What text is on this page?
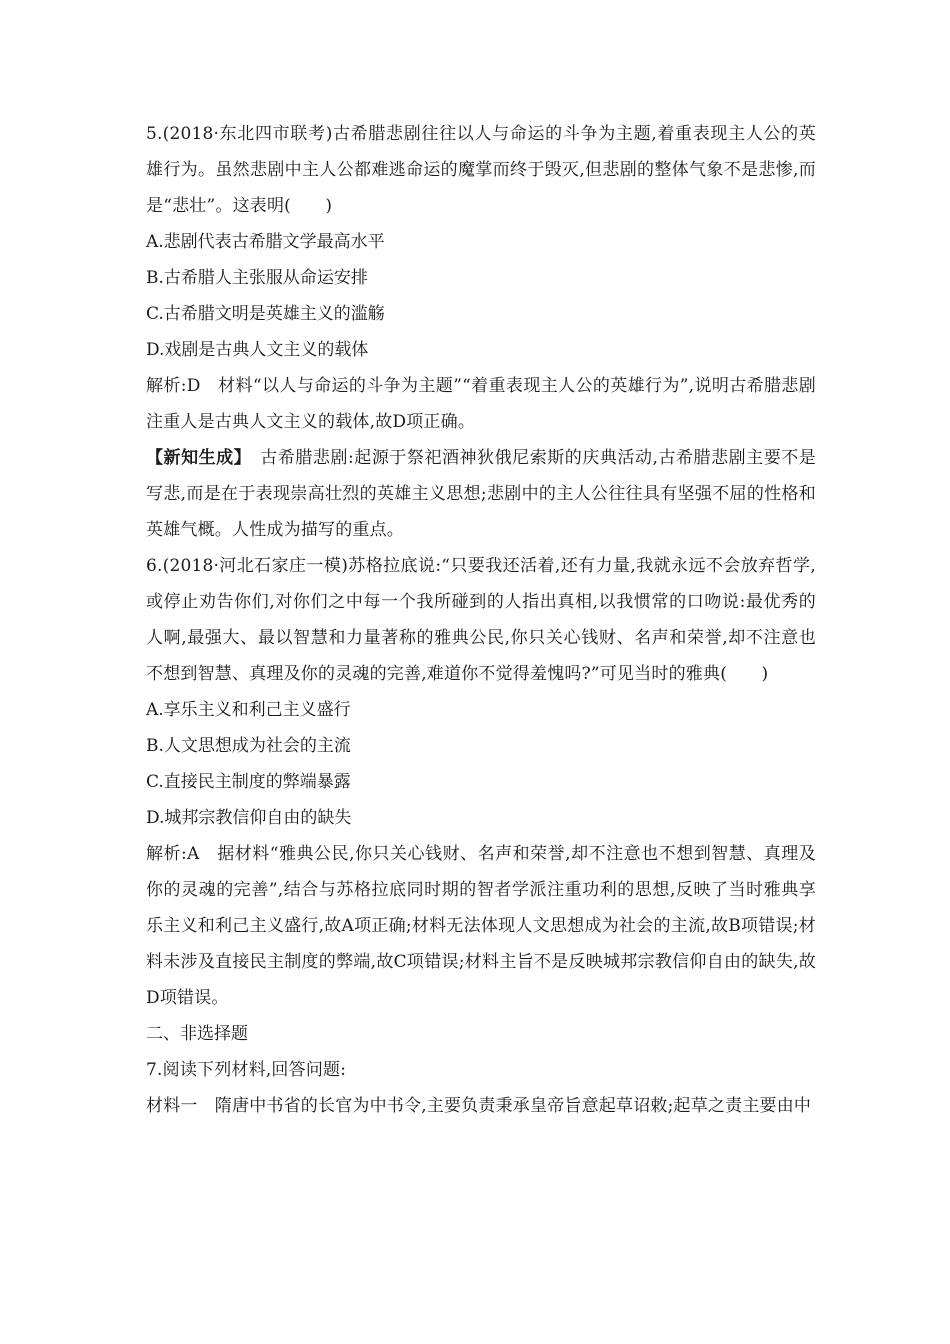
5.(2018·东北四市联考)古希腊悲剧往往以人与命运的斗争为主题,着重表现主人公的英雄行为。虽然悲剧中主人公都难逃命运的魔掌而终于毁灭,但悲剧的整体气象不是悲惨,而是“悲壮”。这表明(　　)

A.悲剧代表古希腊文学最高水平

B.古希腊人主张服从命运安排

C.古希腊文明是英雄主义的滥觞

D.戏剧是古典人文主义的载体

解析:D　材料“以人与命运的斗争为主题”“着重表现主人公的英雄行为”,说明古希腊悲剧注重人是古典人文主义的载体,故D项正确。

【新知生成】　古希腊悲剧:起源于祭祀酒神狄俄尼索斯的庆典活动,古希腊悲剧主要不是写悲,而是在于表现崇高壮烈的英雄主义思想;悲剧中的主人公往往具有坚强不屈的性格和英雄气概。人性成为描写的重点。

6.(2018·河北石家庄一模)苏格拉底说:“只要我还活着,还有力量,我就永远不会放弃哲学,或停止劝告你们,对你们之中每一个我所碰到的人指出真相,以我惯常的口吻说:最优秀的人啊,最强大、最以智慧和力量著称的雅典公民,你只关心钱财、名声和荣誉,却不注意也不想到智慧、真理及你的灵魂的完善,难道你不觉得羞愧吗?”可见当时的雅典(　　)

A.享乐主义和利己主义盛行

B.人文思想成为社会的主流

C.直接民主制度的弊端暴露

D.城邦宗教信仰自由的缺失

解析:A　据材料“雅典公民,你只关心钱财、名声和荣誉,却不注意也不想到智慧、真理及你的灵魂的完善”,结合与苏格拉底同时期的智者学派注重功利的思想,反映了当时雅典享乐主义和利己主义盛行,故A项正确;材料无法体现人文思想成为社会的主流,故B项错误;材料未涉及直接民主制度的弊端,故C项错误;材料主旨不是反映城邦宗教信仰自由的缺失,故D项错误。

二、非选择题

7.阅读下列材料,回答问题:

材料一　隋唐中书省的长官为中书令,主要负责秉承皇帝旨意起草诏敕;起草之责主要由中
